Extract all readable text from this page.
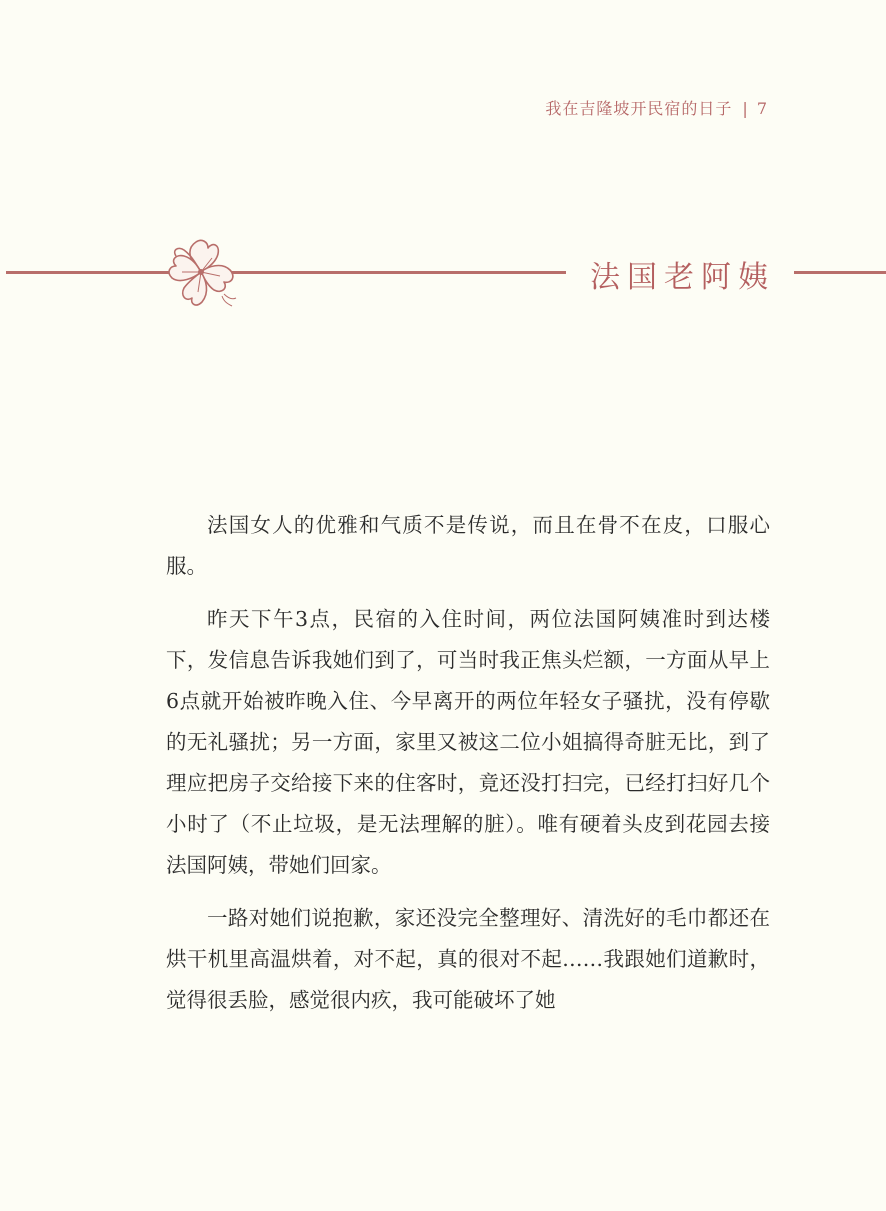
我在吉隆坡开民宿的日子 | 7
法国老阿姨

法国女人的优雅和气质不是传说，而且在骨不在皮，口服心服。

昨天下午3点，民宿的入住时间，两位法国阿姨准时到达楼下，发信息告诉我她们到了，可当时我正焦头烂额，一方面从早上6点就开始被昨晚入住、今早离开的两位年轻女子骚扰，没有停歇的无礼骚扰；另一方面，家里又被这二位小姐搞得奇脏无比，到了理应把房子交给接下来的住客时，竟还没打扫完，已经打扫好几个小时了（不止垃圾，是无法理解的脏）。唯有硬着头皮到花园去接法国阿姨，带她们回家。

一路对她们说抱歉，家还没完全整理好、清洗好的毛巾都还在烘干机里高温烘着，对不起，真的很对不起……我跟她们道歉时，觉得很丢脸，感觉很内疚，我可能破坏了她
